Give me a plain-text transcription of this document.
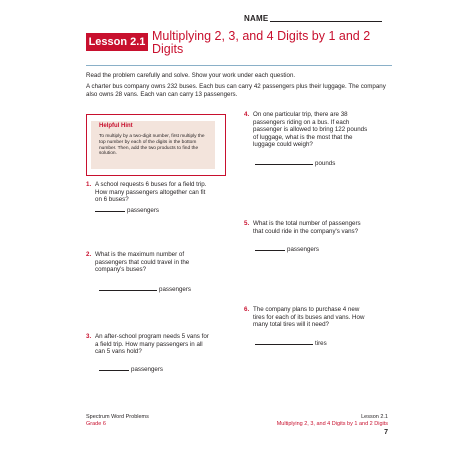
NAME
Lesson 2.1 Multiplying 2, 3, and 4 Digits by 1 and 2 Digits
Read the problem carefully and solve. Show your work under each question.
A charter bus company owns 232 buses. Each bus can carry 42 passengers plus their luggage. The company also owns 28 vans. Each van can carry 13 passengers.
Helpful Hint
To multiply by a two-digit number, first multiply the top number by each of the digits in the bottom number. Then, add the two products to find the solution.
1. A school requests 6 buses for a field trip. How many passengers altogether can fit on 6 buses?
passengers
2. What is the maximum number of passengers that could travel in the company's buses?
passengers
3. An after-school program needs 5 vans for a field trip. How many passengers in all can 5 vans hold?
passengers
4. On one particular trip, there are 38 passengers riding on a bus. If each passenger is allowed to bring 122 pounds of luggage, what is the most that the luggage could weigh?
pounds
5. What is the total number of passengers that could ride in the company's vans?
passengers
6. The company plans to purchase 4 new tires for each of its buses and vans. How many total tires will it need?
tires
Spectrum Word Problems
Grade 6
Lesson 2.1
Multiplying 2, 3, and 4 Digits by 1 and 2 Digits
7
